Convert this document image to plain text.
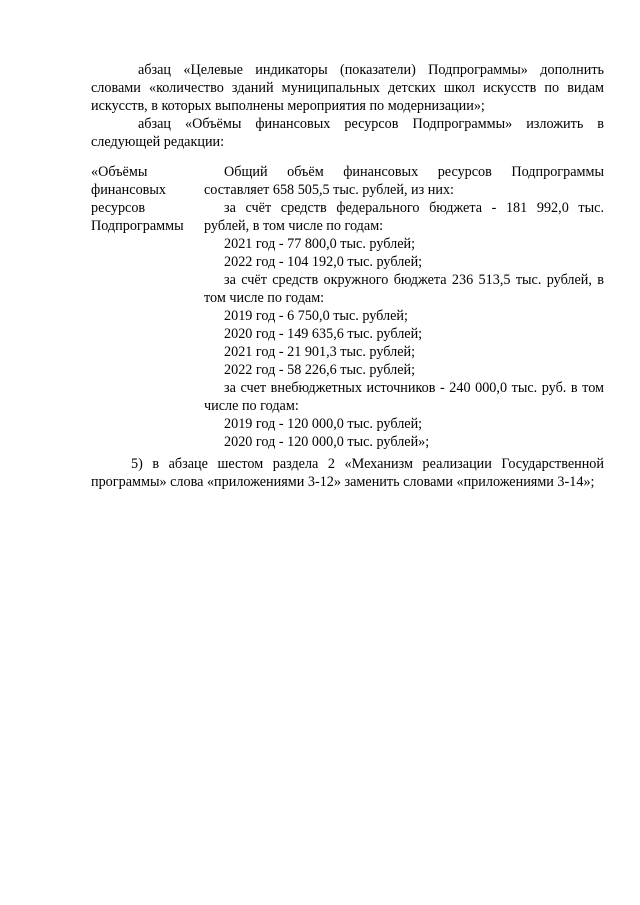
абзац «Целевые индикаторы (показатели) Подпрограммы» дополнить словами «количество зданий муниципальных детских школ искусств по видам искусств, в которых выполнены мероприятия по модернизации»;
абзац «Объёмы финансовых ресурсов Подпрограммы» изложить в следующей редакции:
«Объёмы
финансовых
ресурсов
Подпрограммы
Общий объём финансовых ресурсов Подпрограммы составляет 658 505,5 тыс. рублей, из них:
за счёт средств федерального бюджета - 181 992,0 тыс. рублей, в том числе по годам:
2021 год - 77 800,0 тыс. рублей;
2022 год - 104 192,0 тыс. рублей;
за счёт средств окружного бюджета 236 513,5 тыс. рублей, в том числе по годам:
2019 год - 6 750,0 тыс. рублей;
2020 год - 149 635,6 тыс. рублей;
2021 год - 21 901,3 тыс. рублей;
2022 год - 58 226,6 тыс. рублей;
за счет внебюджетных источников - 240 000,0 тыс. руб. в том числе по годам:
2019 год - 120 000,0 тыс. рублей;
2020 год - 120 000,0 тыс. рублей»;
5) в абзаце шестом раздела 2 «Механизм реализации Государственной программы» слова «приложениями 3-12» заменить словами «приложениями 3-14»;
